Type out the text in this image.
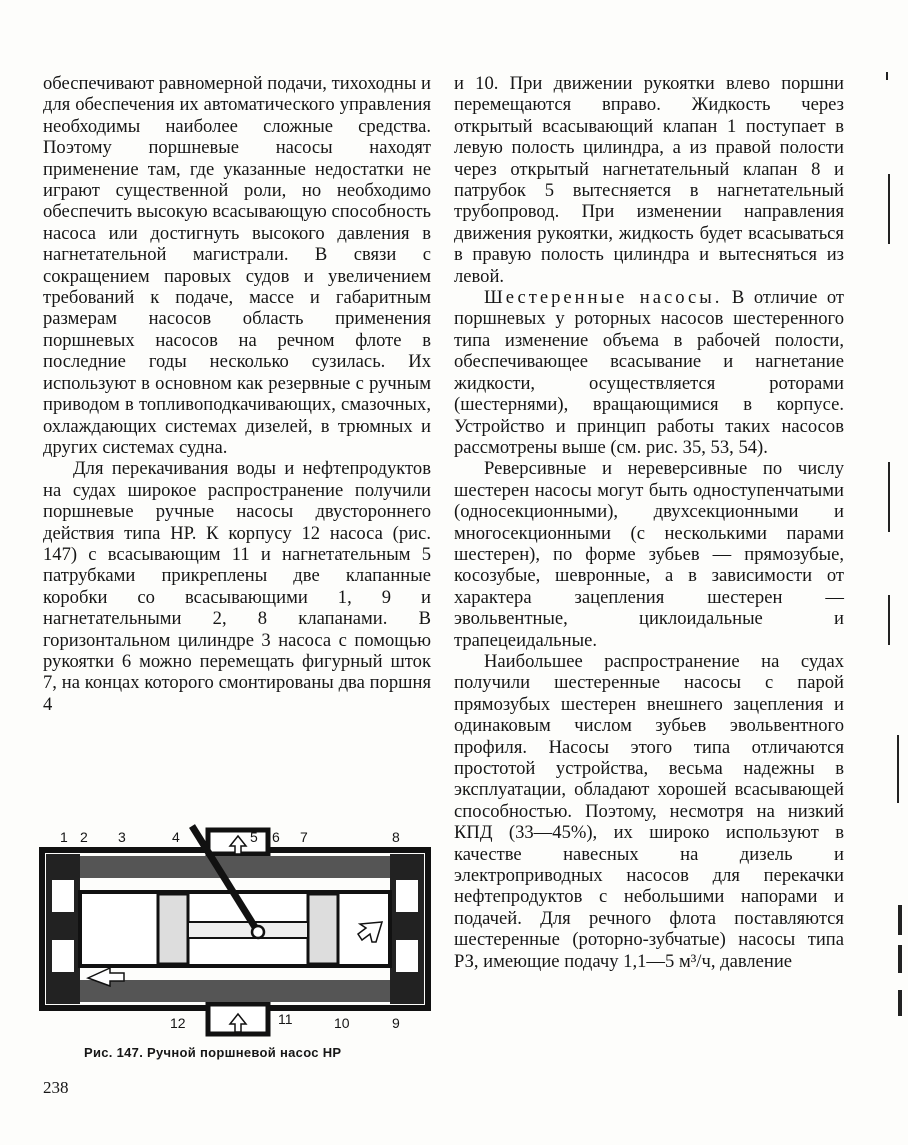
обеспечивают равномерной подачи, тихоходны и для обеспечения их автоматического управления необходимы наиболее сложные средства. Поэтому поршневые насосы находят применение там, где указанные недостатки не играют существенной роли, но необходимо обеспечить высокую всасывающую способность насоса или достигнуть высокого давления в нагнетательной магистрали. В связи с сокращением паровых судов и увеличением требований к подаче, массе и габаритным размерам насосов область применения поршневых насосов на речном флоте в последние годы несколько сузилась. Их используют в основном как резервные с ручным приводом в топливоподкачивающих, смазочных, охлаждающих системах дизелей, в трюмных и других системах судна.

Для перекачивания воды и нефтепродуктов на судах широкое распространение получили поршневые ручные насосы двустороннего действия типа НР. К корпусу 12 насоса (рис. 147) с всасывающим 11 и нагнетательным 5 патрубками прикреплены две клапанные коробки со всасывающими 1, 9 и нагнетательными 2, 8 клапанами. В горизонтальном цилиндре 3 насоса с помощью рукоятки 6 можно перемещать фигурный шток 7, на концах которого смонтированы два поршня 4

и 10. При движении рукоятки влево поршни перемещаются вправо. Жидкость через открытый всасывающий клапан 1 поступает в левую полость цилиндра, а из правой полости через открытый нагнетательный клапан 8 и патрубок 5 вытесняется в нагнетательный трубопровод. При изменении направления движения рукоятки, жидкость будет всасываться в правую полость цилиндра и вытесняться из левой.

Шестеренные насосы. В отличие от поршневых у роторных насосов шестеренного типа изменение объема в рабочей полости, обеспечивающее всасывание и нагнетание жидкости, осуществляется роторами (шестернями), вращающимися в корпусе. Устройство и принцип работы таких насосов рассмотрены выше (см. рис. 35, 53, 54).

Реверсивные и нереверсивные по числу шестерен насосы могут быть одноступенчатыми (односекционными), двухсекционными и многосекционными (с несколькими парами шестерен), по форме зубьев — прямозубые, косозубые, шевронные, а в зависимости от характера зацепления шестерен — эвольвентные, циклоидальные и трапецеидальные.

Наибольшее распространение на судах получили шестеренные насосы с парой прямозубых шестерен внешнего зацепления и одинаковым числом зубьев эвольвентного профиля. Насосы этого типа отличаются простотой устройства, весьма надежны в эксплуатации, обладают хорошей всасывающей способностью. Поэтому, несмотря на низкий КПД (33—45%), их широко используют в качестве навесных на дизель и электроприводных насосов для перекачки нефтепродуктов с небольшими напорами и подачей. Для речного флота поставляются шестеренные (роторно-зубчатые) насосы типа РЗ, имеющие подачу 1,1—5 м³/ч, давление

1 2 3	4	5 6 7	8
12	11	10	9
Рис. 147. Ручной поршневой насос НР
238
